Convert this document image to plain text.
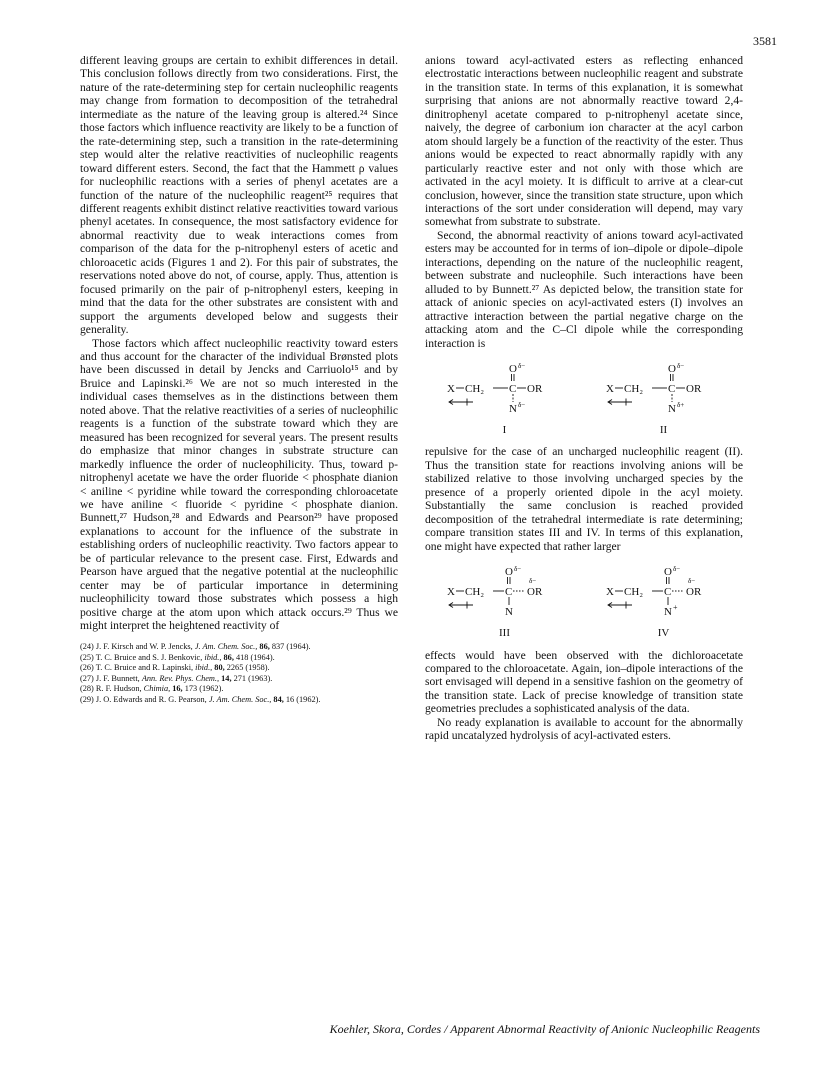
3581

different leaving groups are certain to exhibit differences in detail. This conclusion follows directly from two considerations. First, the nature of the rate-determining step for certain nucleophilic reagents may change from formation to decomposition of the tetrahedral intermediate as the nature of the leaving group is altered.²⁴ Since those factors which influence reactivity are likely to be a function of the rate-determining step, such a transition in the rate-determining step would alter the relative reactivities of nucleophilic reagents toward different esters. Second, the fact that the Hammett ρ values for nucleophilic reactions with a series of phenyl acetates are a function of the nature of the nucleophilic reagent²⁵ requires that different reagents exhibit distinct relative reactivities toward various phenyl acetates. In consequence, the most satisfactory evidence for abnormal reactivity due to weak interactions comes from comparison of the data for the p-nitrophenyl esters of acetic and chloroacetic acids (Figures 1 and 2). For this pair of substrates, the reservations noted above do not, of course, apply. Thus, attention is focused primarily on the pair of p-nitrophenyl esters, keeping in mind that the data for the other substrates are consistent with and support the arguments developed below and suggests their generality.

Those factors which affect nucleophilic reactivity toward esters and thus account for the character of the individual Brønsted plots have been discussed in detail by Jencks and Carriuolo¹⁵ and by Bruice and Lapinski.²⁶ We are not so much interested in the individual cases themselves as in the distinctions between them noted above. That the relative reactivities of a series of nucleophilic reagents is a function of the substrate toward which they are measured has been recognized for several years. The present results do emphasize that minor changes in substrate structure can markedly influence the order of nucleophilicity. Thus, toward p-nitrophenyl acetate we have the order fluoride < phosphate dianion < aniline < pyridine while toward the corresponding chloroacetate we have aniline < fluoride < pyridine < phosphate dianion. Bunnett,²⁷ Hudson,²⁸ and Edwards and Pearson²⁹ have proposed explanations to account for the influence of the substrate in establishing orders of nucleophilic reactivity. Two factors appear to be of particular relevance to the present case. First, Edwards and Pearson have argued that the negative potential at the nucleophilic center may be of particular importance in determining nucleophilicity toward those substrates which possess a high positive charge at the atom upon which attack occurs.²⁹ Thus we might interpret the heightened reactivity of

(24) J. F. Kirsch and W. P. Jencks, J. Am. Chem. Soc., 86, 837 (1964).
(25) T. C. Bruice and S. J. Benkovic, ibid., 86, 418 (1964).
(26) T. C. Bruice and R. Lapinski, ibid., 80, 2265 (1958).
(27) J. F. Bunnett, Ann. Rev. Phys. Chem., 14, 271 (1963).
(28) R. F. Hudson, Chimia, 16, 173 (1962).
(29) J. O. Edwards and R. G. Pearson, J. Am. Chem. Soc., 84, 16 (1962).

anions toward acyl-activated esters as reflecting enhanced electrostatic interactions between nucleophilic reagent and substrate in the transition state. In terms of this explanation, it is somewhat surprising that anions are not abnormally reactive toward 2,4-dinitrophenyl acetate compared to p-nitrophenyl acetate since, naively, the degree of carbonium ion character at the acyl carbon atom should largely be a function of the reactivity of the ester. Thus anions would be expected to react abnormally rapidly with any particularly reactive ester and not only with those which are activated in the acyl moiety. It is difficult to arrive at a clear-cut conclusion, however, since the transition state structure, upon which interactions of the sort under consideration will depend, may vary somewhat from substrate to substrate.

Second, the abnormal reactivity of anions toward acyl-activated esters may be accounted for in terms of ion–dipole or dipole–dipole interactions, depending on the nature of the nucleophilic reagent, between substrate and nucleophile. Such interactions have been alluded to by Bunnett.²⁷ As depicted below, the transition state for attack of anionic species on acyl-activated esters (I) involves an attractive interaction between the partial negative charge on the attacking atom and the C–Cl dipole while the corresponding interaction is

O δ−
X CH₂ C OR
N δ−
I
O δ−
X CH₂ C OR
N δ+
II

repulsive for the case of an uncharged nucleophilic reagent (II). Thus the transition state for reactions involving anions will be stabilized relative to those involving uncharged species by the presence of a properly oriented dipole in the acyl moiety. Substantially the same conclusion is reached provided decomposition of the tetrahedral intermediate is rate determining; compare transition states III and IV. In terms of this explanation, one might have expected that rather larger

O δ−
X CH₂ C OR
δ−
N
III
O δ−
X CH₂ C OR
δ−
N +
IV

effects would have been observed with the dichloroacetate compared to the chloroacetate. Again, ion–dipole interactions of the sort envisaged will depend in a sensitive fashion on the geometry of the transition state. Lack of precise knowledge of transition state geometries precludes a sophisticated analysis of the data.

No ready explanation is available to account for the abnormally rapid uncatalyzed hydrolysis of acyl-activated esters.

Koehler, Skora, Cordes / Apparent Abnormal Reactivity of Anionic Nucleophilic Reagents
